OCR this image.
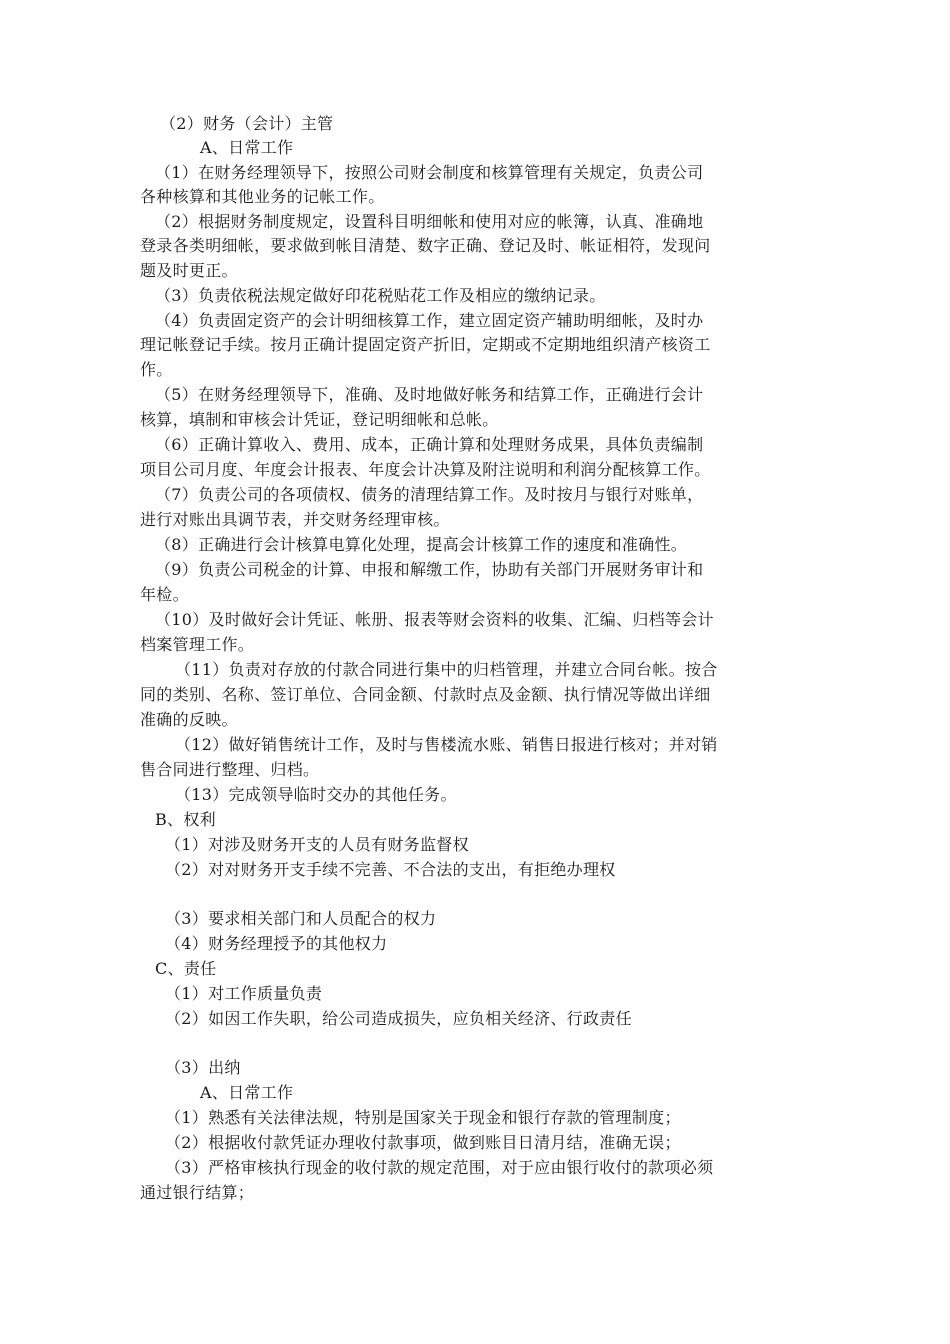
（2）财务（会计）主管
A、日常工作
（1）在财务经理领导下，按照公司财会制度和核算管理有关规定，负责公司
各种核算和其他业务的记帐工作。
（2）根据财务制度规定，设置科目明细帐和使用对应的帐簿，认真、准确地
登录各类明细帐，要求做到帐目清楚、数字正确、登记及时、帐证相符，发现问
题及时更正。
（3）负责依税法规定做好印花税贴花工作及相应的缴纳记录。
（4）负责固定资产的会计明细核算工作，建立固定资产辅助明细帐，及时办
理记帐登记手续。按月正确计提固定资产折旧，定期或不定期地组织清产核资工
作。
（5）在财务经理领导下，准确、及时地做好帐务和结算工作，正确进行会计
核算，填制和审核会计凭证，登记明细帐和总帐。
（6）正确计算收入、费用、成本，正确计算和处理财务成果，具体负责编制
项目公司月度、年度会计报表、年度会计决算及附注说明和利润分配核算工作。
（7）负责公司的各项债权、债务的清理结算工作。及时按月与银行对账单，
进行对账出具调节表，并交财务经理审核。
（8）正确进行会计核算电算化处理，提高会计核算工作的速度和准确性。
（9）负责公司税金的计算、申报和解缴工作，协助有关部门开展财务审计和
年检。
（10）及时做好会计凭证、帐册、报表等财会资料的收集、汇编、归档等会计
档案管理工作。
（11）负责对存放的付款合同进行集中的归档管理，并建立合同台帐。按合
同的类别、名称、签订单位、合同金额、付款时点及金额、执行情况等做出详细
准确的反映。
（12）做好销售统计工作，及时与售楼流水账、销售日报进行核对；并对销
售合同进行整理、归档。
（13）完成领导临时交办的其他任务。
B、权利
（1）对涉及财务开支的人员有财务监督权
（2）对对财务开支手续不完善、不合法的支出，有拒绝办理权
（3）要求相关部门和人员配合的权力
（4）财务经理授予的其他权力
C、责任
（1）对工作质量负责
（2）如因工作失职，给公司造成损失，应负相关经济、行政责任
（3）出纳
A、日常工作
（1）熟悉有关法律法规，特别是国家关于现金和银行存款的管理制度；
（2）根据收付款凭证办理收付款事项，做到账目日清月结，准确无误；
（3）严格审核执行现金的收付款的规定范围，对于应由银行收付的款项必须
通过银行结算；
